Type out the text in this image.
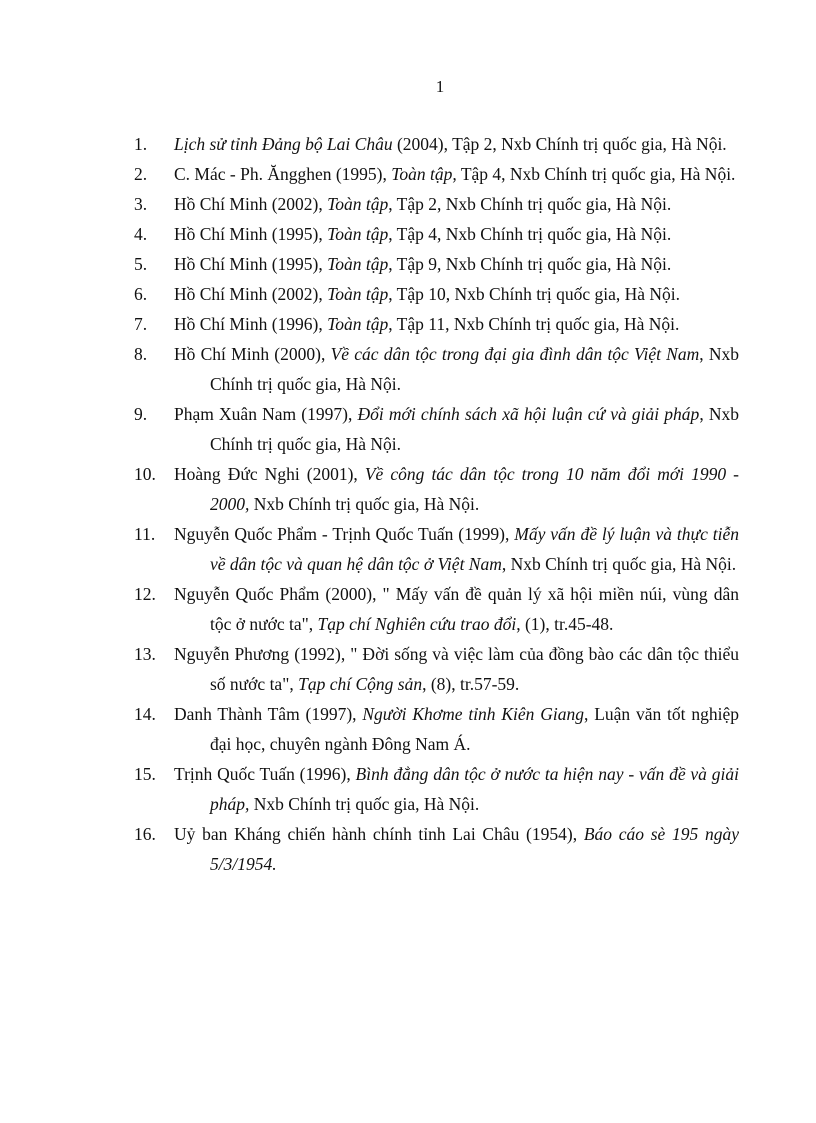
1
1.	Lịch sử tỉnh Đảng bộ Lai Châu (2004), Tập 2, Nxb Chính trị quốc gia, Hà Nội.
2.	C. Mác - Ph. Ăngghen (1995), Toàn tập, Tập 4, Nxb Chính trị quốc gia, Hà Nội.
3.	Hồ Chí Minh (2002), Toàn tập, Tập 2, Nxb Chính trị quốc gia, Hà Nội.
4.	Hồ Chí Minh (1995), Toàn tập, Tập 4, Nxb Chính trị quốc gia, Hà Nội.
5.	Hồ Chí Minh (1995), Toàn tập, Tập 9, Nxb Chính trị quốc gia, Hà Nội.
6.	Hồ Chí Minh (2002), Toàn tập, Tập 10, Nxb Chính trị quốc gia, Hà Nội.
7.	Hồ Chí Minh (1996), Toàn tập, Tập 11, Nxb Chính trị quốc gia, Hà Nội.
8.	Hồ Chí Minh (2000), Về các dân tộc trong đại gia đình dân tộc Việt Nam, Nxb Chính trị quốc gia, Hà Nội.
9.	Phạm Xuân Nam (1997), Đổi mới chính sách xã hội luận cứ và giải pháp, Nxb Chính trị quốc gia, Hà Nội.
10.	Hoàng Đức Nghi (2001), Về công tác dân tộc trong 10 năm đổi mới 1990 - 2000, Nxb Chính trị quốc gia, Hà Nội.
11.	Nguyễn Quốc Phẩm - Trịnh Quốc Tuấn (1999), Mấy vấn đề lý luận và thực tiễn về dân tộc và quan hệ dân tộc ở Việt Nam, Nxb Chính trị quốc gia, Hà Nội.
12.	Nguyễn Quốc Phẩm (2000), " Mấy vấn đề quản lý xã hội miền núi, vùng dân tộc ở nước ta", Tạp chí Nghiên cứu trao đổi, (1), tr.45-48.
13.	Nguyễn Phương (1992), " Đời sống và việc làm của đồng bào các dân tộc thiểu số nước ta", Tạp chí Cộng sản, (8), tr.57-59.
14.	Danh Thành Tâm (1997), Người Khơme tỉnh Kiên Giang, Luận văn tốt nghiệp đại học, chuyên ngành Đông Nam Á.
15.	Trịnh Quốc Tuấn (1996), Bình đẳng dân tộc ở nước ta hiện nay - vấn đề và giải pháp, Nxb Chính trị quốc gia, Hà Nội.
16.	Uỷ ban Kháng chiến hành chính tỉnh Lai Châu (1954), Báo cáo sè 195 ngày 5/3/1954.
